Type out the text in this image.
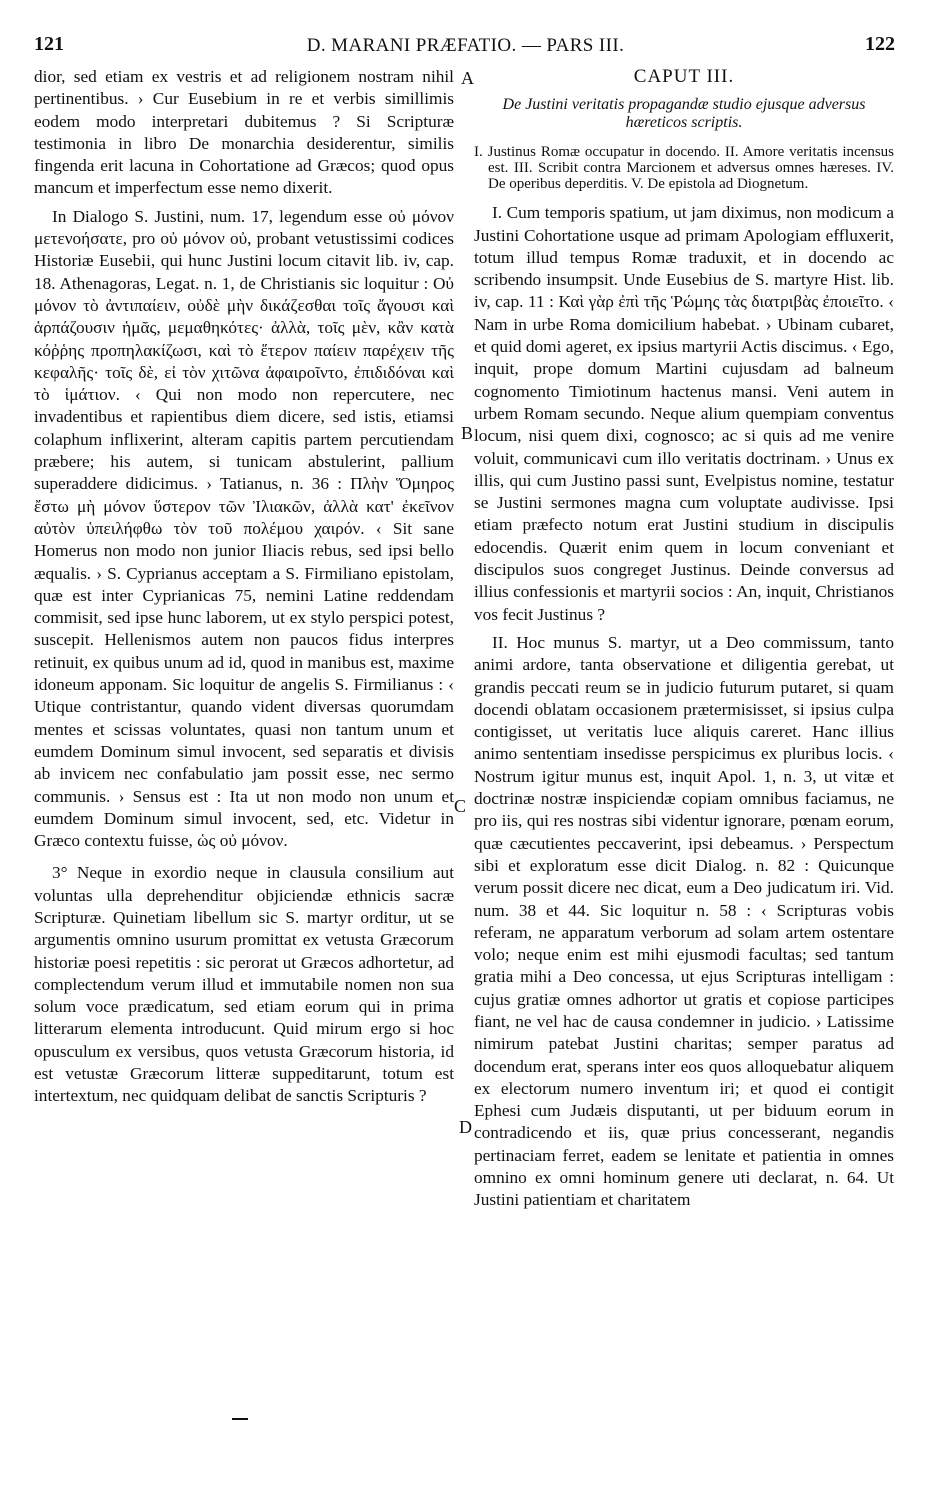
121	D. MARANI PRÆFATIO. — PARS III.	122

dior, sed etiam ex vestris et ad religionem nostram nihil pertinentibus. › Cur Eusebium in re et verbis simillimis eodem modo interpretari dubitemus ? Si Scripturæ testimonia in libro De monarchia desiderentur, similis fingenda erit lacuna in Cohortatione ad Græcos; quod opus mancum et imperfectum esse nemo dixerit.

In Dialogo S. Justini, num. 17, legendum esse οὐ μόνον μετενοήσατε, pro οὐ μόνον οὐ, probant vetustissimi codices Historiæ Eusebii, qui hunc Justini locum citavit lib. iv, cap. 18. Athenagoras, Legat. n. 1, de Christianis sic loquitur : Οὐ μόνον τὸ ἀντιπαίειν, οὐδὲ μὴν δικάζεσθαι τοῖς ἄγουσι καὶ ἁρπάζουσιν ἡμᾶς, μεμαθηκότες· ἀλλὰ, τοῖς μὲν, κἂν κατὰ κόῤῥης προπηλακίζωσι, καὶ τὸ ἕτερον παίειν παρέχειν τῆς κεφαλῆς· τοῖς δὲ, εἰ τὸν χιτῶνα ἀφαιροῖντο, ἐπιδιδόναι καὶ τὸ ἱμάτιον. ‹ Qui non modo non repercutere, nec invadentibus et rapientibus diem dicere, sed istis, etiamsi colaphum inflixerint, alteram capitis partem percutiendam præbere; his autem, si tunicam abstulerint, pallium superaddere didicimus. › Tatianus, n. 36 : Πλὴν Ὅμηρος ἔστω μὴ μόνον ὕστερον τῶν Ἰλιακῶν, ἀλλὰ κατ' ἐκεῖνον αὐτὸν ὑπειλήφθω τὸν τοῦ πολέμου χαιρόν. ‹ Sit sane Homerus non modo non junior Iliacis rebus, sed ipsi bello æqualis. › S. Cyprianus acceptam a S. Firmiliano epistolam, quæ est inter Cyprianicas 75, nemini Latine reddendam commisit, sed ipse hunc laborem, ut ex stylo perspici potest, suscepit. Hellenismos autem non paucos fidus interpres retinuit, ex quibus unum ad id, quod in manibus est, maxime idoneum apponam. Sic loquitur de angelis S. Firmilianus : ‹ Utique contristantur, quando vident diversas quorumdam mentes et scissas voluntates, quasi non tantum unum et eumdem Dominum simul invocent, sed separatis et divisis ab invicem nec confabulatio jam possit esse, nec sermo communis. › Sensus est : Ita ut non modo non unum et eumdem Dominum simul invocent, sed, etc. Videtur in Græco contextu fuisse, ὡς οὐ μόνον.

3° Neque in exordio neque in clausula consilium aut voluntas ulla deprehenditur objiciendæ ethnicis sacræ Scripturæ. Quinetiam libellum sic S. martyr orditur, ut se argumentis omnino usurum promittat ex vetusta Græcorum historiæ poesi repetitis : sic perorat ut Græcos adhortetur, ad complectendum verum illud et immutabile nomen non sua solum voce prædicatum, sed etiam eorum qui in prima litterarum elementa introducunt. Quid mirum ergo si hoc opusculum ex versibus, quos vetusta Græcorum historia, id est vetustæ Græcorum litteræ suppeditarunt, totum est intertextum, nec quidquam delibat de sanctis Scripturis ?

CAPUT III.
De Justini veritatis propagandæ studio ejusque adversus hæreticos scriptis.
I. Justinus Romæ occupatur in docendo. II. Amore veritatis incensus est. III. Scribit contra Marcionem et adversus omnes hæreses. IV. De operibus deperditis. V. De epistola ad Diognetum.

I. Cum temporis spatium, ut jam diximus, non modicum a Justini Cohortatione usque ad primam Apologiam effluxerit, totum illud tempus Romæ traduxit, et in docendo ac scribendo insumpsit. Unde Eusebius de S. martyre Hist. lib. iv, cap. 11 : Καὶ γὰρ ἐπὶ τῆς Ῥώμης τὰς διατριβὰς ἐποιεῖτο. ‹ Nam in urbe Roma domicilium habebat. › Ubinam cubaret, et quid domi ageret, ex ipsius martyrii Actis discimus. ‹ Ego, inquit, prope domum Martini cujusdam ad balneum cognomento Timiotinum hactenus mansi. Veni autem in urbem Romam secundo. Neque alium quempiam conventus locum, nisi quem dixi, cognosco; ac si quis ad me venire voluit, communicavi cum illo veritatis doctrinam. › Unus ex illis, qui cum Justino passi sunt, Evelpistus nomine, testatur se Justini sermones magna cum voluptate audivisse. Ipsi etiam præfecto notum erat Justini studium in discipulis edocendis. Quærit enim quem in locum conveniant et discipulos suos congreget Justinus. Deinde conversus ad illius confessionis et martyrii socios : An, inquit, Christianos vos fecit Justinus ?

II. Hoc munus S. martyr, ut a Deo commissum, tanto animi ardore, tanta observatione et diligentia gerebat, ut grandis peccati reum se in judicio futurum putaret, si quam docendi oblatam occasionem prætermisisset, si ipsius culpa contigisset, ut veritatis luce aliquis careret. Hanc illius animo sententiam insedisse perspicimus ex pluribus locis. ‹ Nostrum igitur munus est, inquit Apol. 1, n. 3, ut vitæ et doctrinæ nostræ inspiciendæ copiam omnibus faciamus, ne pro iis, qui res nostras sibi videntur ignorare, pœnam eorum, quæ cæcutientes peccaverint, ipsi debeamus. › Perspectum sibi et exploratum esse dicit Dialog. n. 82 : Quicunque verum possit dicere nec dicat, eum a Deo judicatum iri. Vid. num. 38 et 44. Sic loquitur n. 58 : ‹ Scripturas vobis referam, ne apparatum verborum ad solam artem ostentare volo; neque enim est mihi ejusmodi facultas; sed tantum gratia mihi a Deo concessa, ut ejus Scripturas intelligam : cujus gratiæ omnes adhortor ut gratis et copiose participes fiant, ne vel hac de causa condemner in judicio. › Latissime nimirum patebat Justini charitas; semper paratus ad docendum erat, sperans inter eos quos alloquebatur aliquem ex electorum numero inventum iri; et quod ei contigit Ephesi cum Judæis disputanti, ut per biduum eorum in contradicendo et iis, quæ prius concesserant, negandis pertinaciam ferret, eadem se lenitate et patientia in omnes omnino ex omni hominum genere uti declarat, n. 64. Ut Justini patientiam et charitatem

A
B
C
D
